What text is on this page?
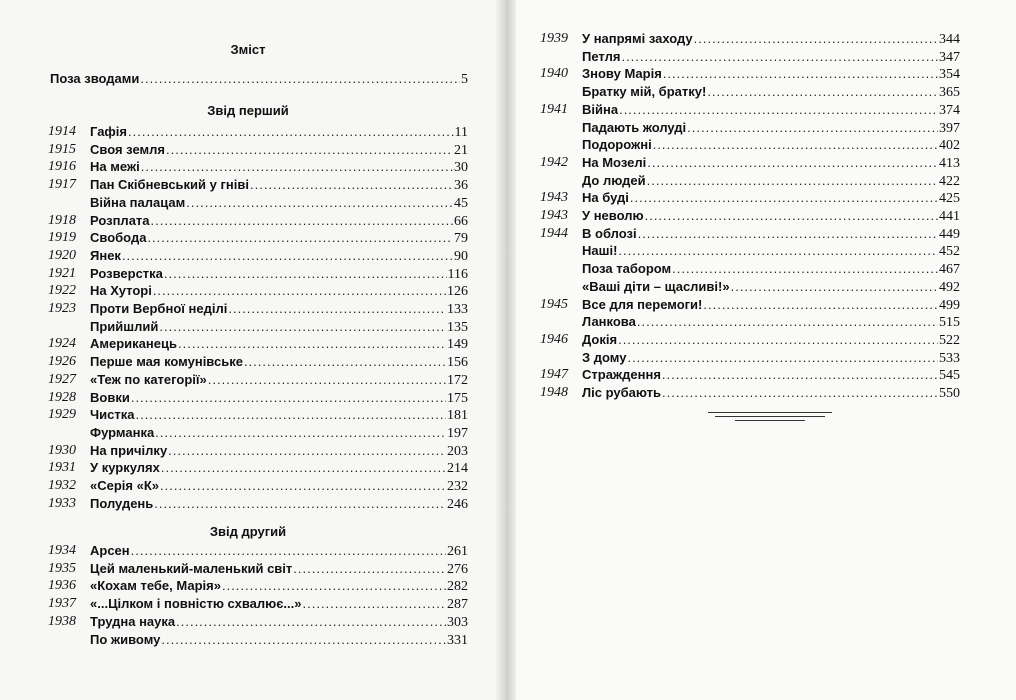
Зміст
Поза зводами .....	5
Звід перший
1914	Гафія .....	11
1915	Своя земля .....	21
1916	На межі .....	30
1917	Пан Скібневський у гніві .....	36
Війна палацам .....	45
1918	Розплата .....	66
1919	Свобода .....	79
1920	Янек .....	90
1921	Розверстка .....	116
1922	На Хуторі .....	126
1923	Проти Вербної неділі .....	133
Прийшлий .....	135
1924	Американець .....	149
1926	Перше мая комунівське .....	156
1927	«Теж по категорії» .....	172
1928	Вовки .....	175
1929	Чистка .....	181
Фурманка .....	197
1930	На причілку .....	203
1931	У куркулях .....	214
1932	«Серія «К» .....	232
1933	Полудень .....	246
Звід другий
1934	Арсен .....	261
1935	Цей маленький-маленький світ .....	276
1936	«Кохам тебе, Марія» .....	282
1937	«...Цілком і повністю схвалює...» .....	287
1938	Трудна наука .....	303
По живому .....	331
1939	У напрямі заходу .....	344
Петля .....	347
1940	Знову Марія .....	354
Братку мій, братку! .....	365
1941	Війна .....	374
Падають жолуді .....	397
Подорожні .....	402
1942	На Мозелі .....	413
До людей .....	422
1943	На буді .....	425
1943	У неволю .....	441
1944	В облозі .....	449
Наші! .....	452
Поза табором .....	467
«Ваші діти – щасливі!» .....	492
1945	Все для перемоги! .....	499
Ланкова .....	515
1946	Докія .....	522
З дому .....	533
1947	Страждення .....	545
1948	Ліс рубають .....	550
